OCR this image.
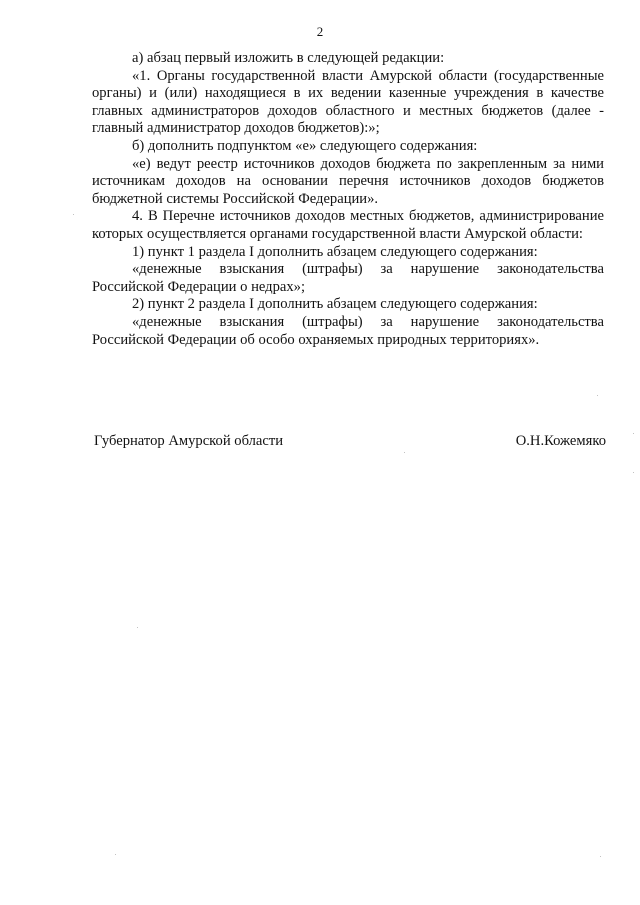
2

а) абзац первый изложить в следующей редакции:

«1. Органы государственной власти Амурской области (государственные органы) и (или) находящиеся в их ведении казенные учреждения в качестве главных администраторов доходов областного и местных бюджетов (далее - главный администратор доходов бюджетов):»;

б) дополнить подпунктом «е» следующего содержания:

«е) ведут реестр источников доходов бюджета по закрепленным за ними источникам доходов на основании перечня источников доходов бюджетов бюджетной системы Российской Федерации».

4. В Перечне источников доходов местных бюджетов, администрирование которых осуществляется органами государственной власти Амурской области:

1) пункт 1 раздела I дополнить абзацем следующего содержания:

«денежные взыскания (штрафы) за нарушение законодательства Российской Федерации о недрах»;

2) пункт 2 раздела I дополнить абзацем следующего содержания:

«денежные взыскания (штрафы) за нарушение законодательства Российской Федерации об особо охраняемых природных территориях».

Губернатор Амурской области	О.Н.Кожемяко
